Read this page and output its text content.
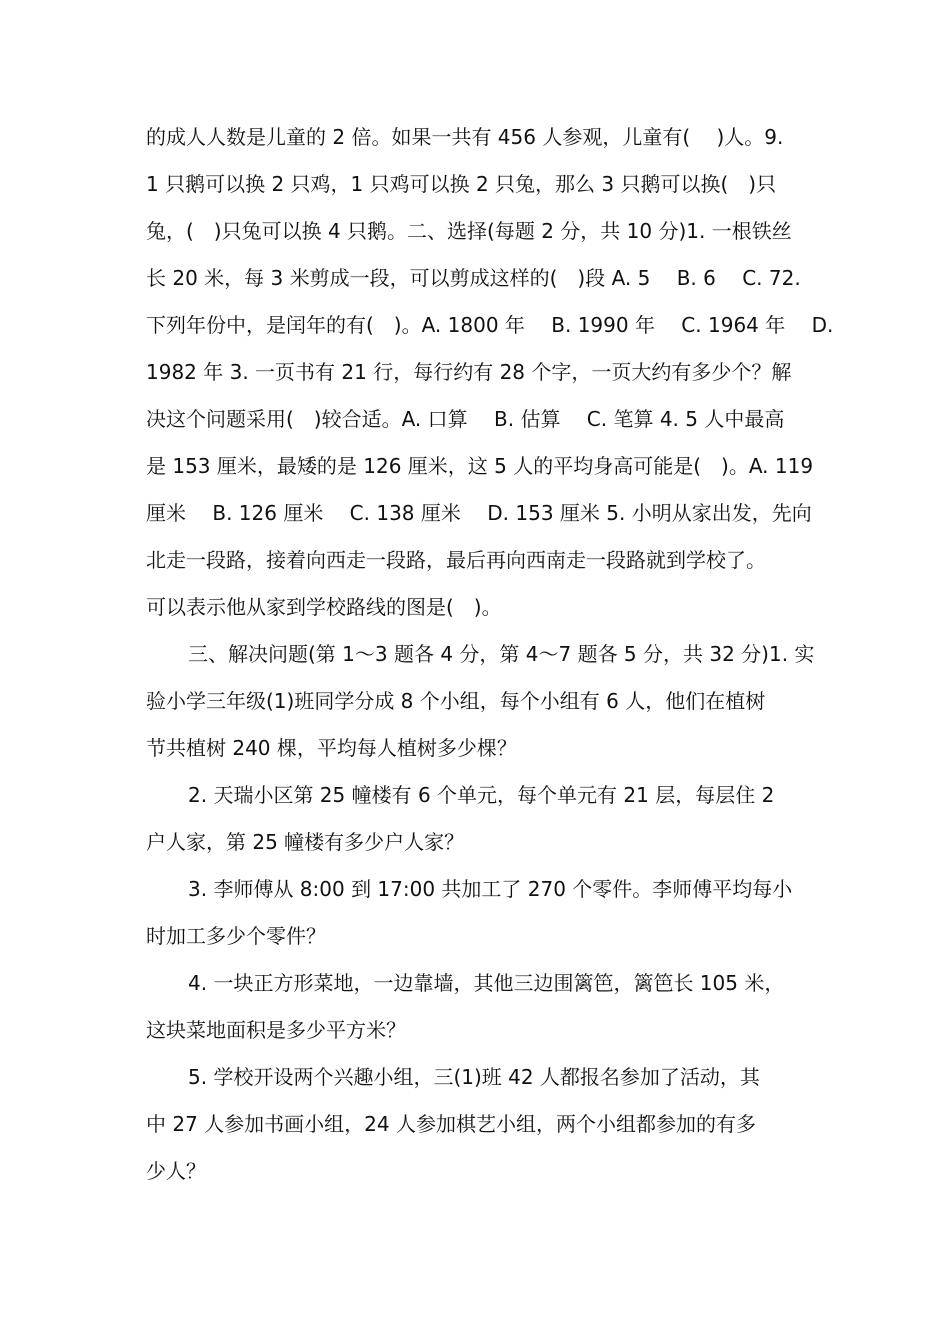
的成人人数是儿童的 2 倍。如果一共有 456 人参观，儿童有(　 )人。9.
1 只鹅可以换 2 只鸡，1 只鸡可以换 2 只兔，那么 3 只鹅可以换(　)只
兔，(　)只兔可以换 4 只鹅。二、选择(每题 2 分，共 10 分)1. 一根铁丝
长 20 米，每 3 米剪成一段，可以剪成这样的(　)段 A. 5　 B. 6　 C. 72.
下列年份中，是闰年的有(　)。A. 1800 年　 B. 1990 年　 C. 1964 年　 D.
1982 年 3. 一页书有 21 行，每行约有 28 个字，一页大约有多少个？解
决这个问题采用(　)较合适。A. 口算　 B. 估算　 C. 笔算 4. 5 人中最高
是 153 厘米，最矮的是 126 厘米，这 5 人的平均身高可能是(　)。A. 119
厘米　 B. 126 厘米　 C. 138 厘米　 D. 153 厘米 5. 小明从家出发，先向
北走一段路，接着向西走一段路，最后再向西南走一段路就到学校了。
可以表示他从家到学校路线的图是(　)。
三、解决问题(第 1～3 题各 4 分，第 4～7 题各 5 分，共 32 分)1. 实
验小学三年级(1)班同学分成 8 个小组，每个小组有 6 人，他们在植树
节共植树 240 棵，平均每人植树多少棵？
2. 天瑞小区第 25 幢楼有 6 个单元，每个单元有 21 层，每层住 2
户人家，第 25 幢楼有多少户人家？
3. 李师傅从 8:00 到 17:00 共加工了 270 个零件。李师傅平均每小
时加工多少个零件？
4. 一块正方形菜地，一边靠墙，其他三边围篱笆，篱笆长 105 米，
这块菜地面积是多少平方米？
5. 学校开设两个兴趣小组，三(1)班 42 人都报名参加了活动，其
中 27 人参加书画小组，24 人参加棋艺小组，两个小组都参加的有多
少人？
